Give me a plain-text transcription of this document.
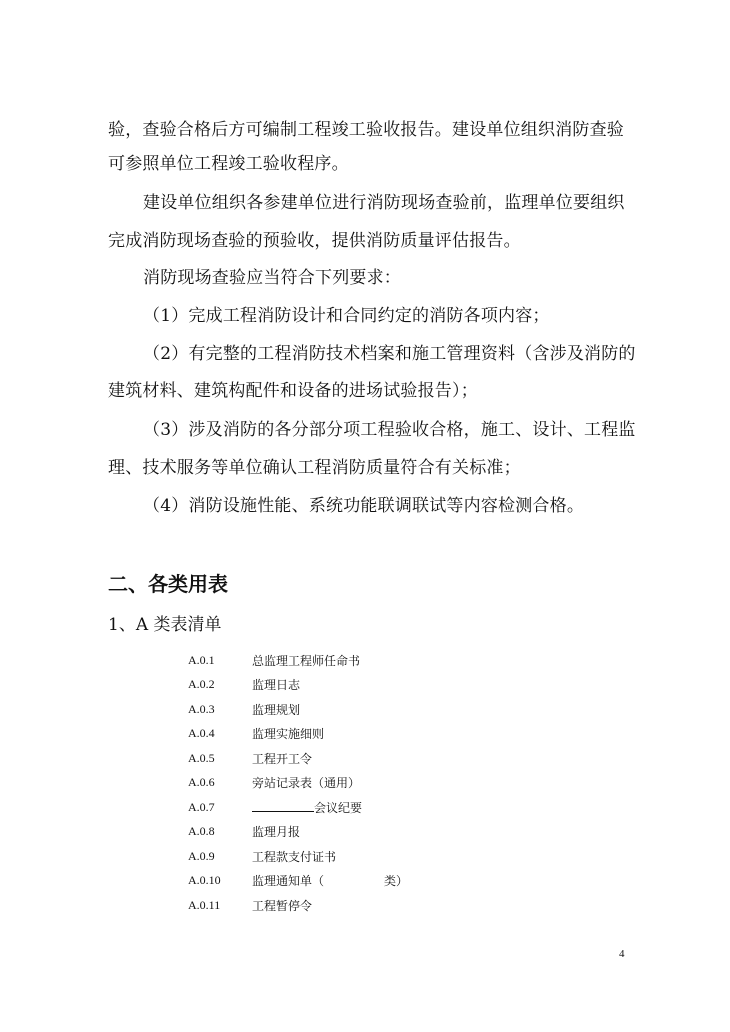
验，查验合格后方可编制工程竣工验收报告。建设单位组织消防查验
可参照单位工程竣工验收程序。
建设单位组织各参建单位进行消防现场查验前，监理单位要组织
完成消防现场查验的预验收，提供消防质量评估报告。
消防现场查验应当符合下列要求：
（1）完成工程消防设计和合同约定的消防各项内容；
（2）有完整的工程消防技术档案和施工管理资料（含涉及消防的
建筑材料、建筑构配件和设备的进场试验报告）；
（3）涉及消防的各分部分项工程验收合格，施工、设计、工程监
理、技术服务等单位确认工程消防质量符合有关标准；
（4）消防设施性能、系统功能联调联试等内容检测合格。
二、各类用表
1、A 类表清单
A.0.1	总监理工程师任命书
A.0.2	监理日志
A.0.3	监理规划
A.0.4	监理实施细则
A.0.5	工程开工令
A.0.6	旁站记录表（通用）
A.0.7	会议纪要
A.0.8	监理月报
A.0.9	工程款支付证书
A.0.10	监理通知单（	类）
A.0.11	工程暂停令
4
